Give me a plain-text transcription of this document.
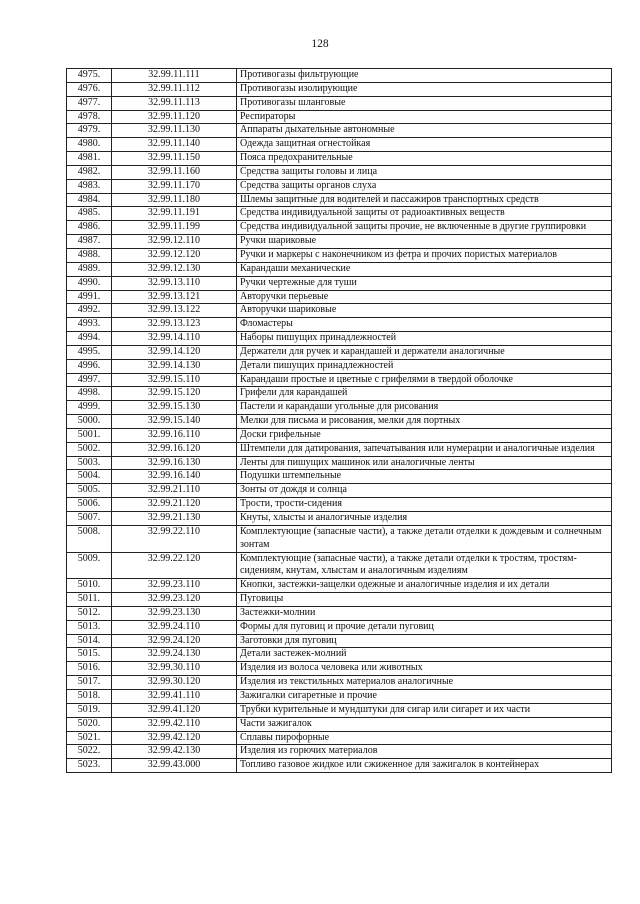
128
4975.	32.99.11.111	Противогазы фильтрующие
4976.	32.99.11.112	Противогазы изолирующие
4977.	32.99.11.113	Противогазы шланговые
4978.	32.99.11.120	Респираторы
4979.	32.99.11.130	Аппараты дыхательные автономные
4980.	32.99.11.140	Одежда защитная огнестойкая
4981.	32.99.11.150	Пояса предохранительные
4982.	32.99.11.160	Средства защиты головы и лица
4983.	32.99.11.170	Средства защиты органов слуха
4984.	32.99.11.180	Шлемы защитные для водителей и пассажиров транспортных средств
4985.	32.99.11.191	Средства индивидуальной защиты от радиоактивных веществ
4986.	32.99.11.199	Средства индивидуальной защиты прочие, не включенные в другие группировки
4987.	32.99.12.110	Ручки шариковые
4988.	32.99.12.120	Ручки и маркеры с наконечником из фетра и прочих пористых материалов
4989.	32.99.12.130	Карандаши механические
4990.	32.99.13.110	Ручки чертежные для туши
4991.	32.99.13.121	Авторучки перьевые
4992.	32.99.13.122	Авторучки шариковые
4993.	32.99.13.123	Фломастеры
4994.	32.99.14.110	Наборы пишущих принадлежностей
4995.	32.99.14.120	Держатели для ручек и карандашей и держатели аналогичные
4996.	32.99.14.130	Детали пишущих принадлежностей
4997.	32.99.15.110	Карандаши простые и цветные с грифелями в твердой оболочке
4998.	32.99.15.120	Грифели для карандашей
4999.	32.99.15.130	Пастели и карандаши угольные для рисования
5000.	32.99.15.140	Мелки для письма и рисования, мелки для портных
5001.	32.99.16.110	Доски грифельные
5002.	32.99.16.120	Штемпели для датирования, запечатывания или нумерации и аналогичные изделия
5003.	32.99.16.130	Ленты для пишущих машинок или аналогичные ленты
5004.	32.99.16.140	Подушки штемпельные
5005.	32.99.21.110	Зонты от дождя и солнца
5006.	32.99.21.120	Трости, трости-сидения
5007.	32.99.21.130	Кнуты, хлысты и аналогичные изделия
5008.	32.99.22.110	Комплектующие (запасные части), а также детали отделки к дождевым и солнечным зонтам
5009.	32.99.22.120	Комплектующие (запасные части), а также детали отделки к тростям, тростям-сидениям, кнутам, хлыстам и аналогичным изделиям
5010.	32.99.23.110	Кнопки, застежки-защелки одежные и аналогичные изделия и их детали
5011.	32.99.23.120	Пуговицы
5012.	32.99.23.130	Застежки-молнии
5013.	32.99.24.110	Формы для пуговиц и прочие детали пуговиц
5014.	32.99.24.120	Заготовки для пуговиц
5015.	32.99.24.130	Детали застежек-молний
5016.	32.99.30.110	Изделия из волоса человека или животных
5017.	32.99.30.120	Изделия из текстильных материалов аналогичные
5018.	32.99.41.110	Зажигалки сигаретные и прочие
5019.	32.99.41.120	Трубки курительные и мундштуки для сигар или сигарет и их части
5020.	32.99.42.110	Части зажигалок
5021.	32.99.42.120	Сплавы пирофорные
5022.	32.99.42.130	Изделия из горючих материалов
5023.	32.99.43.000	Топливо газовое жидкое или сжиженное для зажигалок в контейнерах
